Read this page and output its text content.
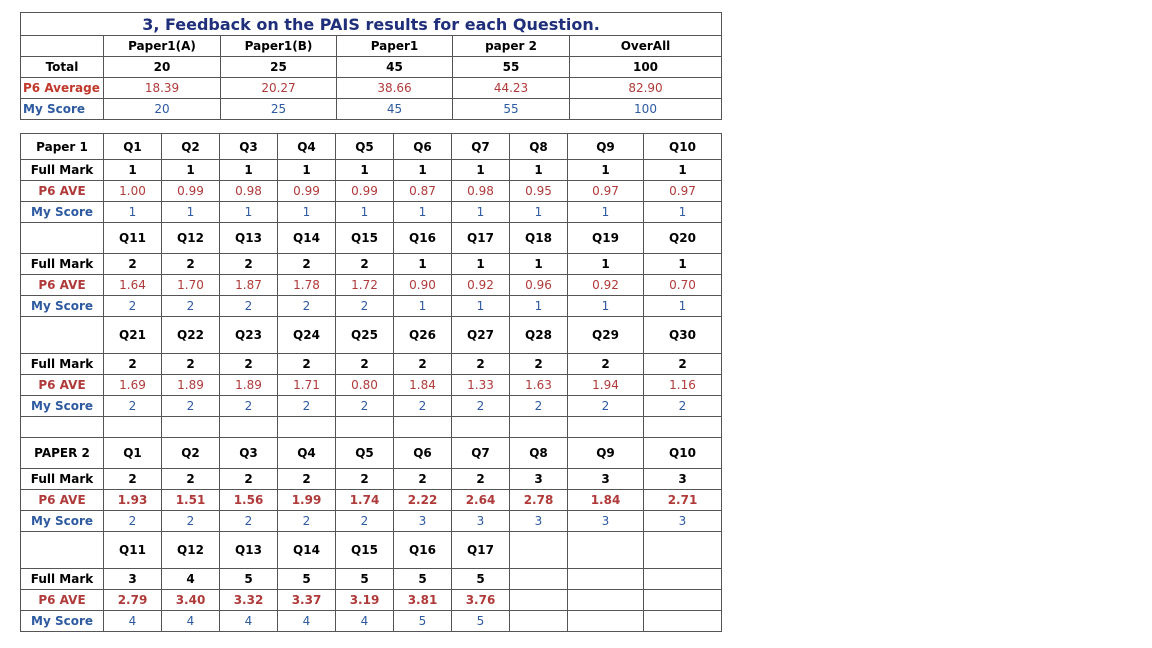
3, Feedback on the PAIS results for each Question.					
	Paper1(A)	Paper1(B)	Paper1	paper 2	OverAll
Total	20	25	45	55	100
P6 Average	18.39	20.27	38.66	44.23	82.90
My Score	20	25	45	55	100
Paper 1	Q1	Q2	Q3	Q4	Q5	Q6	Q7	Q8	Q9	Q10
Full Mark	1	1	1	1	1	1	1	1	1	1
P6 AVE	1.00	0.99	0.98	0.99	0.99	0.87	0.98	0.95	0.97	0.97
My Score	1	1	1	1	1	1	1	1	1	1
	Q11	Q12	Q13	Q14	Q15	Q16	Q17	Q18	Q19	Q20
Full Mark	2	2	2	2	2	1	1	1	1	1
P6 AVE	1.64	1.70	1.87	1.78	1.72	0.90	0.92	0.96	0.92	0.70
My Score	2	2	2	2	2	1	1	1	1	1
	Q21	Q22	Q23	Q24	Q25	Q26	Q27	Q28	Q29	Q30
Full Mark	2	2	2	2	2	2	2	2	2	2
P6 AVE	1.69	1.89	1.89	1.71	0.80	1.84	1.33	1.63	1.94	1.16
My Score	2	2	2	2	2	2	2	2	2	2

PAPER 2	Q1	Q2	Q3	Q4	Q5	Q6	Q7	Q8	Q9	Q10
Full Mark	2	2	2	2	2	2	2	3	3	3
P6 AVE	1.93	1.51	1.56	1.99	1.74	2.22	2.64	2.78	1.84	2.71
My Score	2	2	2	2	2	3	3	3	3	3
	Q11	Q12	Q13	Q14	Q15	Q16	Q17			
Full Mark	3	4	5	5	5	5	5			
P6 AVE	2.79	3.40	3.32	3.37	3.19	3.81	3.76			
My Score	4	4	4	4	4	5	5			
